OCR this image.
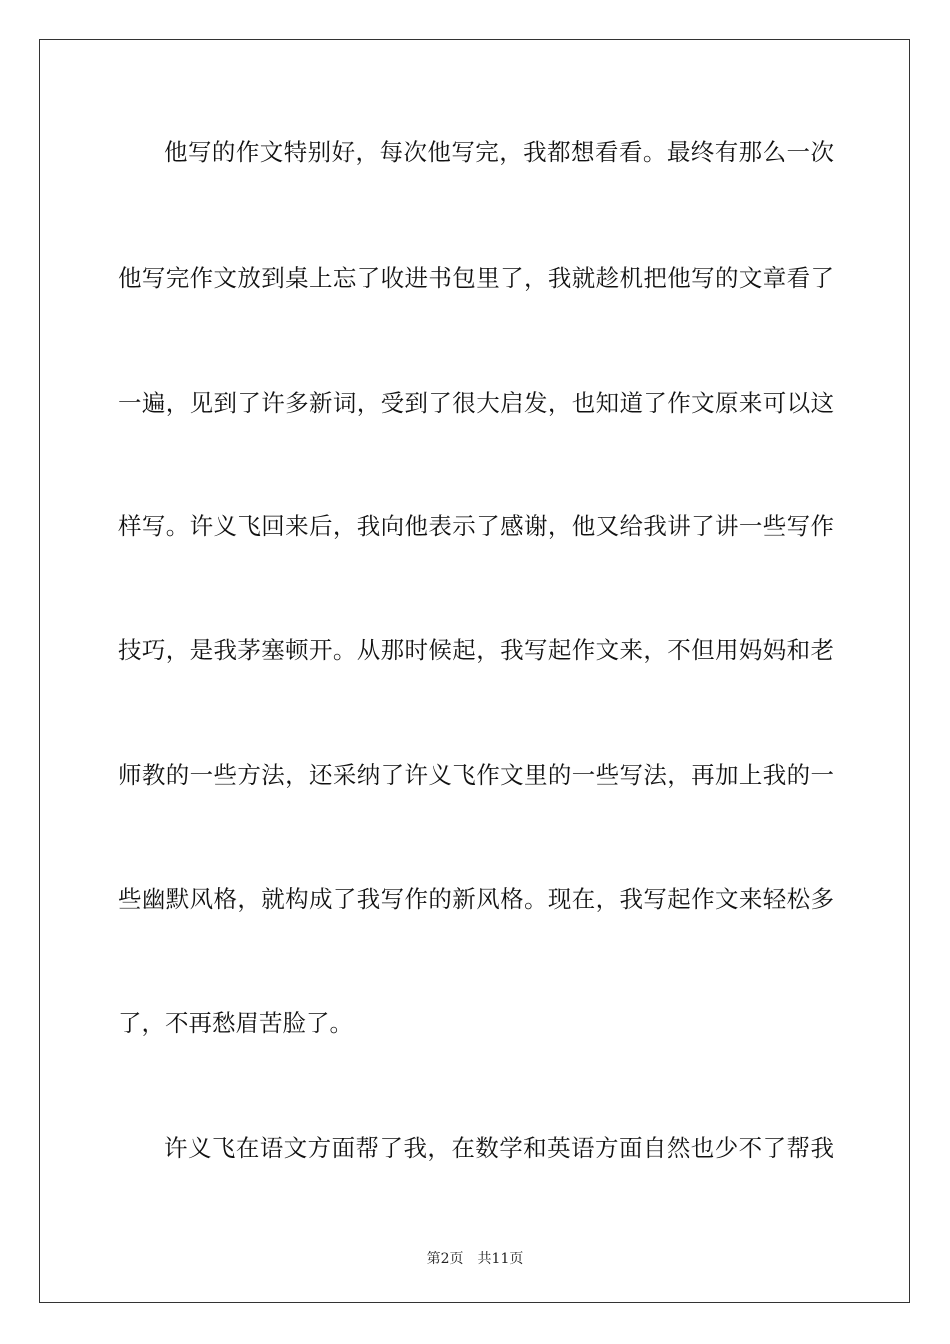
他写的作文特别好，每次他写完，我都想看看。最终有那么一次
他写完作文放到桌上忘了收进书包里了，我就趁机把他写的文章看了
一遍，见到了许多新词，受到了很大启发，也知道了作文原来可以这
样写。许义飞回来后，我向他表示了感谢，他又给我讲了讲一些写作
技巧，是我茅塞顿开。从那时候起，我写起作文来，不但用妈妈和老
师教的一些方法，还采纳了许义飞作文里的一些写法，再加上我的一
些幽默风格，就构成了我写作的新风格。现在，我写起作文来轻松多
了，不再愁眉苦脸了。
许义飞在语文方面帮了我，在数学和英语方面自然也少不了帮我
第2页 共11页
